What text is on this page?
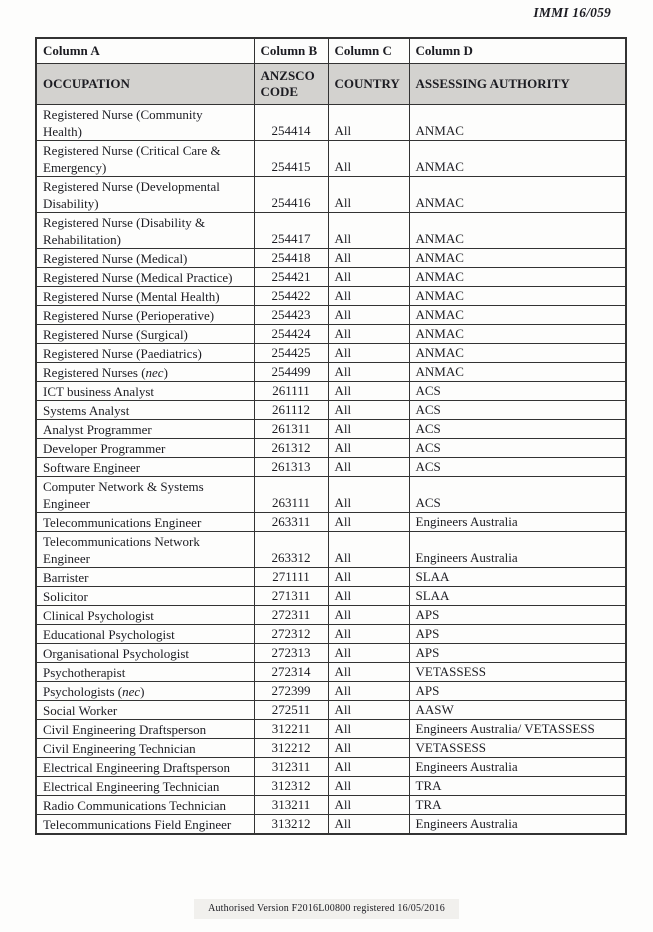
IMMI 16/059
Column A	Column B	Column C	Column D
OCCUPATION	ANZSCO CODE	COUNTRY	ASSESSING AUTHORITY
Registered Nurse (Community
Health)	254414	All	ANMAC
Registered Nurse (Critical Care &
Emergency)	254415	All	ANMAC
Registered Nurse (Developmental
Disability)	254416	All	ANMAC
Registered Nurse (Disability &
Rehabilitation)	254417	All	ANMAC
Registered Nurse (Medical)	254418	All	ANMAC
Registered Nurse (Medical Practice)	254421	All	ANMAC
Registered Nurse (Mental Health)	254422	All	ANMAC
Registered Nurse (Perioperative)	254423	All	ANMAC
Registered Nurse (Surgical)	254424	All	ANMAC
Registered Nurse (Paediatrics)	254425	All	ANMAC
Registered Nurses (nec)	254499	All	ANMAC
ICT business Analyst	261111	All	ACS
Systems Analyst	261112	All	ACS
Analyst Programmer	261311	All	ACS
Developer Programmer	261312	All	ACS
Software Engineer	261313	All	ACS
Computer Network & Systems
Engineer	263111	All	ACS
Telecommunications Engineer	263311	All	Engineers Australia
Telecommunications Network
Engineer	263312	All	Engineers Australia
Barrister	271111	All	SLAA
Solicitor	271311	All	SLAA
Clinical Psychologist	272311	All	APS
Educational Psychologist	272312	All	APS
Organisational Psychologist	272313	All	APS
Psychotherapist	272314	All	VETASSESS
Psychologists (nec)	272399	All	APS
Social Worker	272511	All	AASW
Civil Engineering Draftsperson	312211	All	Engineers Australia/ VETASSESS
Civil Engineering Technician	312212	All	VETASSESS
Electrical Engineering Draftsperson	312311	All	Engineers Australia
Electrical Engineering Technician	312312	All	TRA
Radio Communications Technician	313211	All	TRA
Telecommunications Field Engineer	313212	All	Engineers Australia
Authorised Version F2016L00800 registered 16/05/2016
